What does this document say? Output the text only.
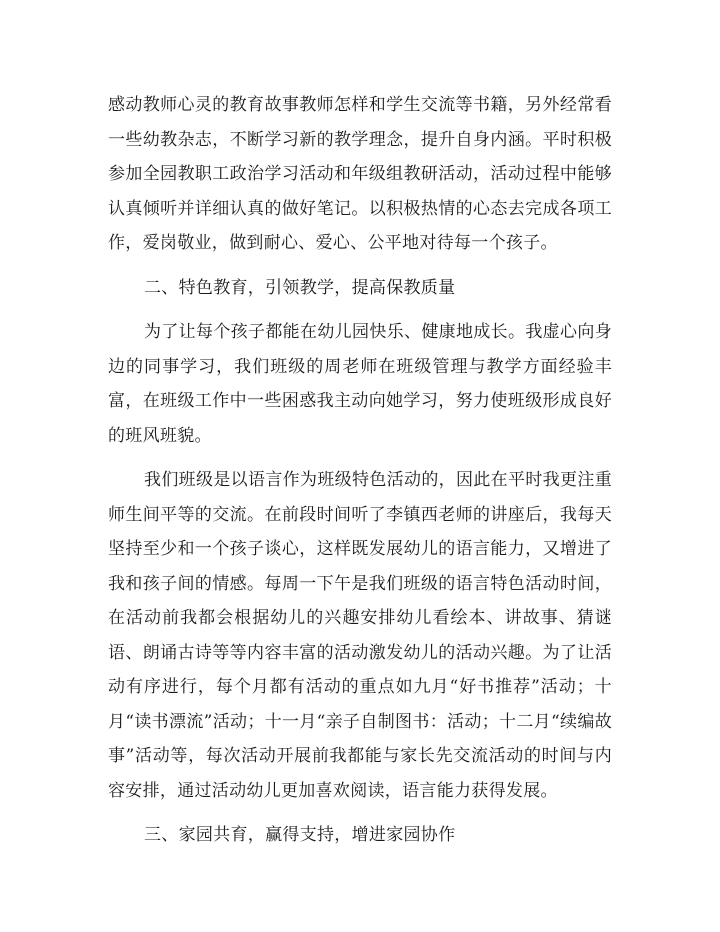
感动教师心灵的教育故事教师怎样和学生交流等书籍，另外经常看一些幼教杂志，不断学习新的教学理念，提升自身内涵。平时积极参加全园教职工政治学习活动和年级组教研活动，活动过程中能够认真倾听并详细认真的做好笔记。以积极热情的心态去完成各项工作，爱岗敬业，做到耐心、爱心、公平地对待每一个孩子。

二、特色教育，引领教学，提高保教质量

为了让每个孩子都能在幼儿园快乐、健康地成长。我虚心向身边的同事学习，我们班级的周老师在班级管理与教学方面经验丰富，在班级工作中一些困惑我主动向她学习，努力使班级形成良好的班风班貌。

我们班级是以语言作为班级特色活动的，因此在平时我更注重师生间平等的交流。在前段时间听了李镇西老师的讲座后，我每天坚持至少和一个孩子谈心，这样既发展幼儿的语言能力，又增进了我和孩子间的情感。每周一下午是我们班级的语言特色活动时间，在活动前我都会根据幼儿的兴趣安排幼儿看绘本、讲故事、猜谜语、朗诵古诗等等内容丰富的活动激发幼儿的活动兴趣。为了让活动有序进行，每个月都有活动的重点如九月“好书推荐”活动；十月“读书漂流”活动；十一月“亲子自制图书：活动；十二月“续编故事”活动等，每次活动开展前我都能与家长先交流活动的时间与内容安排，通过活动幼儿更加喜欢阅读，语言能力获得发展。

三、家园共育，赢得支持，增进家园协作
